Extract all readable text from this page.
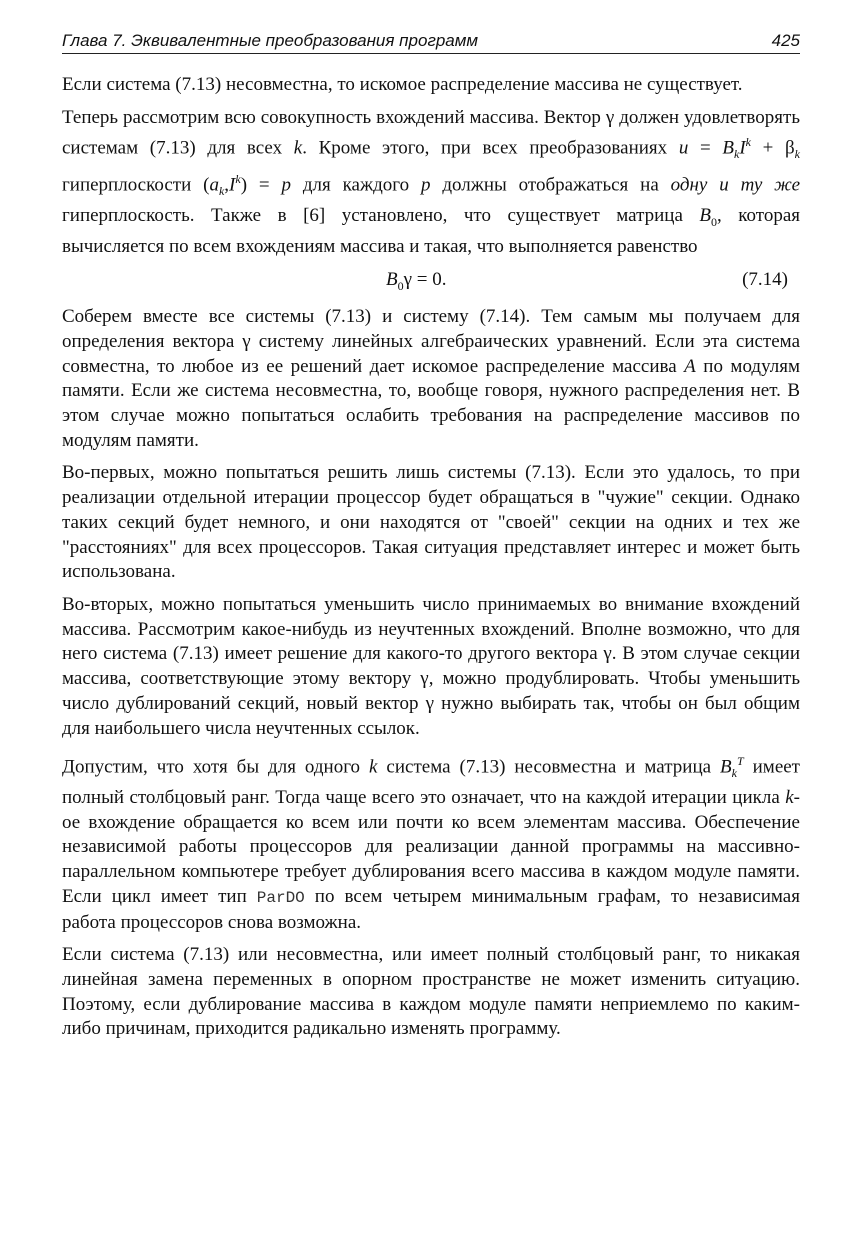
Глава 7. Эквивалентные преобразования программ	425

Если система (7.13) несовместна, то искомое распределение массива не существует.

Теперь рассмотрим всю совокупность вхождений массива. Вектор γ должен удовлетворять системам (7.13) для всех k. Кроме этого, при всех преобразованиях $u = B_kI^k + \beta_k$ гиперплоскости $(a_k,I^k) = p$ для каждого p должны отображаться на одну и ту же гиперплоскость. Также в [6] установлено, что существует матрица $B_0$, которая вычисляется по всем вхождениям массива и такая, что выполняется равенство

$B_0\gamma = 0$.	(7.14)

Соберем вместе все системы (7.13) и систему (7.14). Тем самым мы получаем для определения вектора γ систему линейных алгебраических уравнений. Если эта система совместна, то любое из ее решений дает искомое распределение массива A по модулям памяти. Если же система несовместна, то, вообще говоря, нужного распределения нет. В этом случае можно попытаться ослабить требования на распределение массивов по модулям памяти.

Во-первых, можно попытаться решить лишь системы (7.13). Если это удалось, то при реализации отдельной итерации процессор будет обращаться в "чужие" секции. Однако таких секций будет немного, и они находятся от "своей" секции на одних и тех же "расстояниях" для всех процессоров. Такая ситуация представляет интерес и может быть использована.

Во-вторых, можно попытаться уменьшить число принимаемых во внимание вхождений массива. Рассмотрим какое-нибудь из неучтенных вхождений. Вполне возможно, что для него система (7.13) имеет решение для какого-то другого вектора γ. В этом случае секции массива, соответствующие этому вектору γ, можно продублировать. Чтобы уменьшить число дублирований секций, новый вектор γ нужно выбирать так, чтобы он был общим для наибольшего числа неучтенных ссылок.

Допустим, что хотя бы для одного k система (7.13) несовместна и матрица $B_k^T$ имеет полный столбцовый ранг. Тогда чаще всего это означает, что на каждой итерации цикла k-ое вхождение обращается ко всем или почти ко всем элементам массива. Обеспечение независимой работы процессоров для реализации данной программы на массивно-параллельном компьютере требует дублирования всего массива в каждом модуле памяти. Если цикл имеет тип ParDO по всем четырем минимальным графам, то независимая работа процессоров снова возможна.

Если система (7.13) или несовместна, или имеет полный столбцовый ранг, то никакая линейная замена переменных в опорном пространстве не может изменить ситуацию. Поэтому, если дублирование массива в каждом модуле памяти неприемлемо по каким-либо причинам, приходится радикально изменять программу.
